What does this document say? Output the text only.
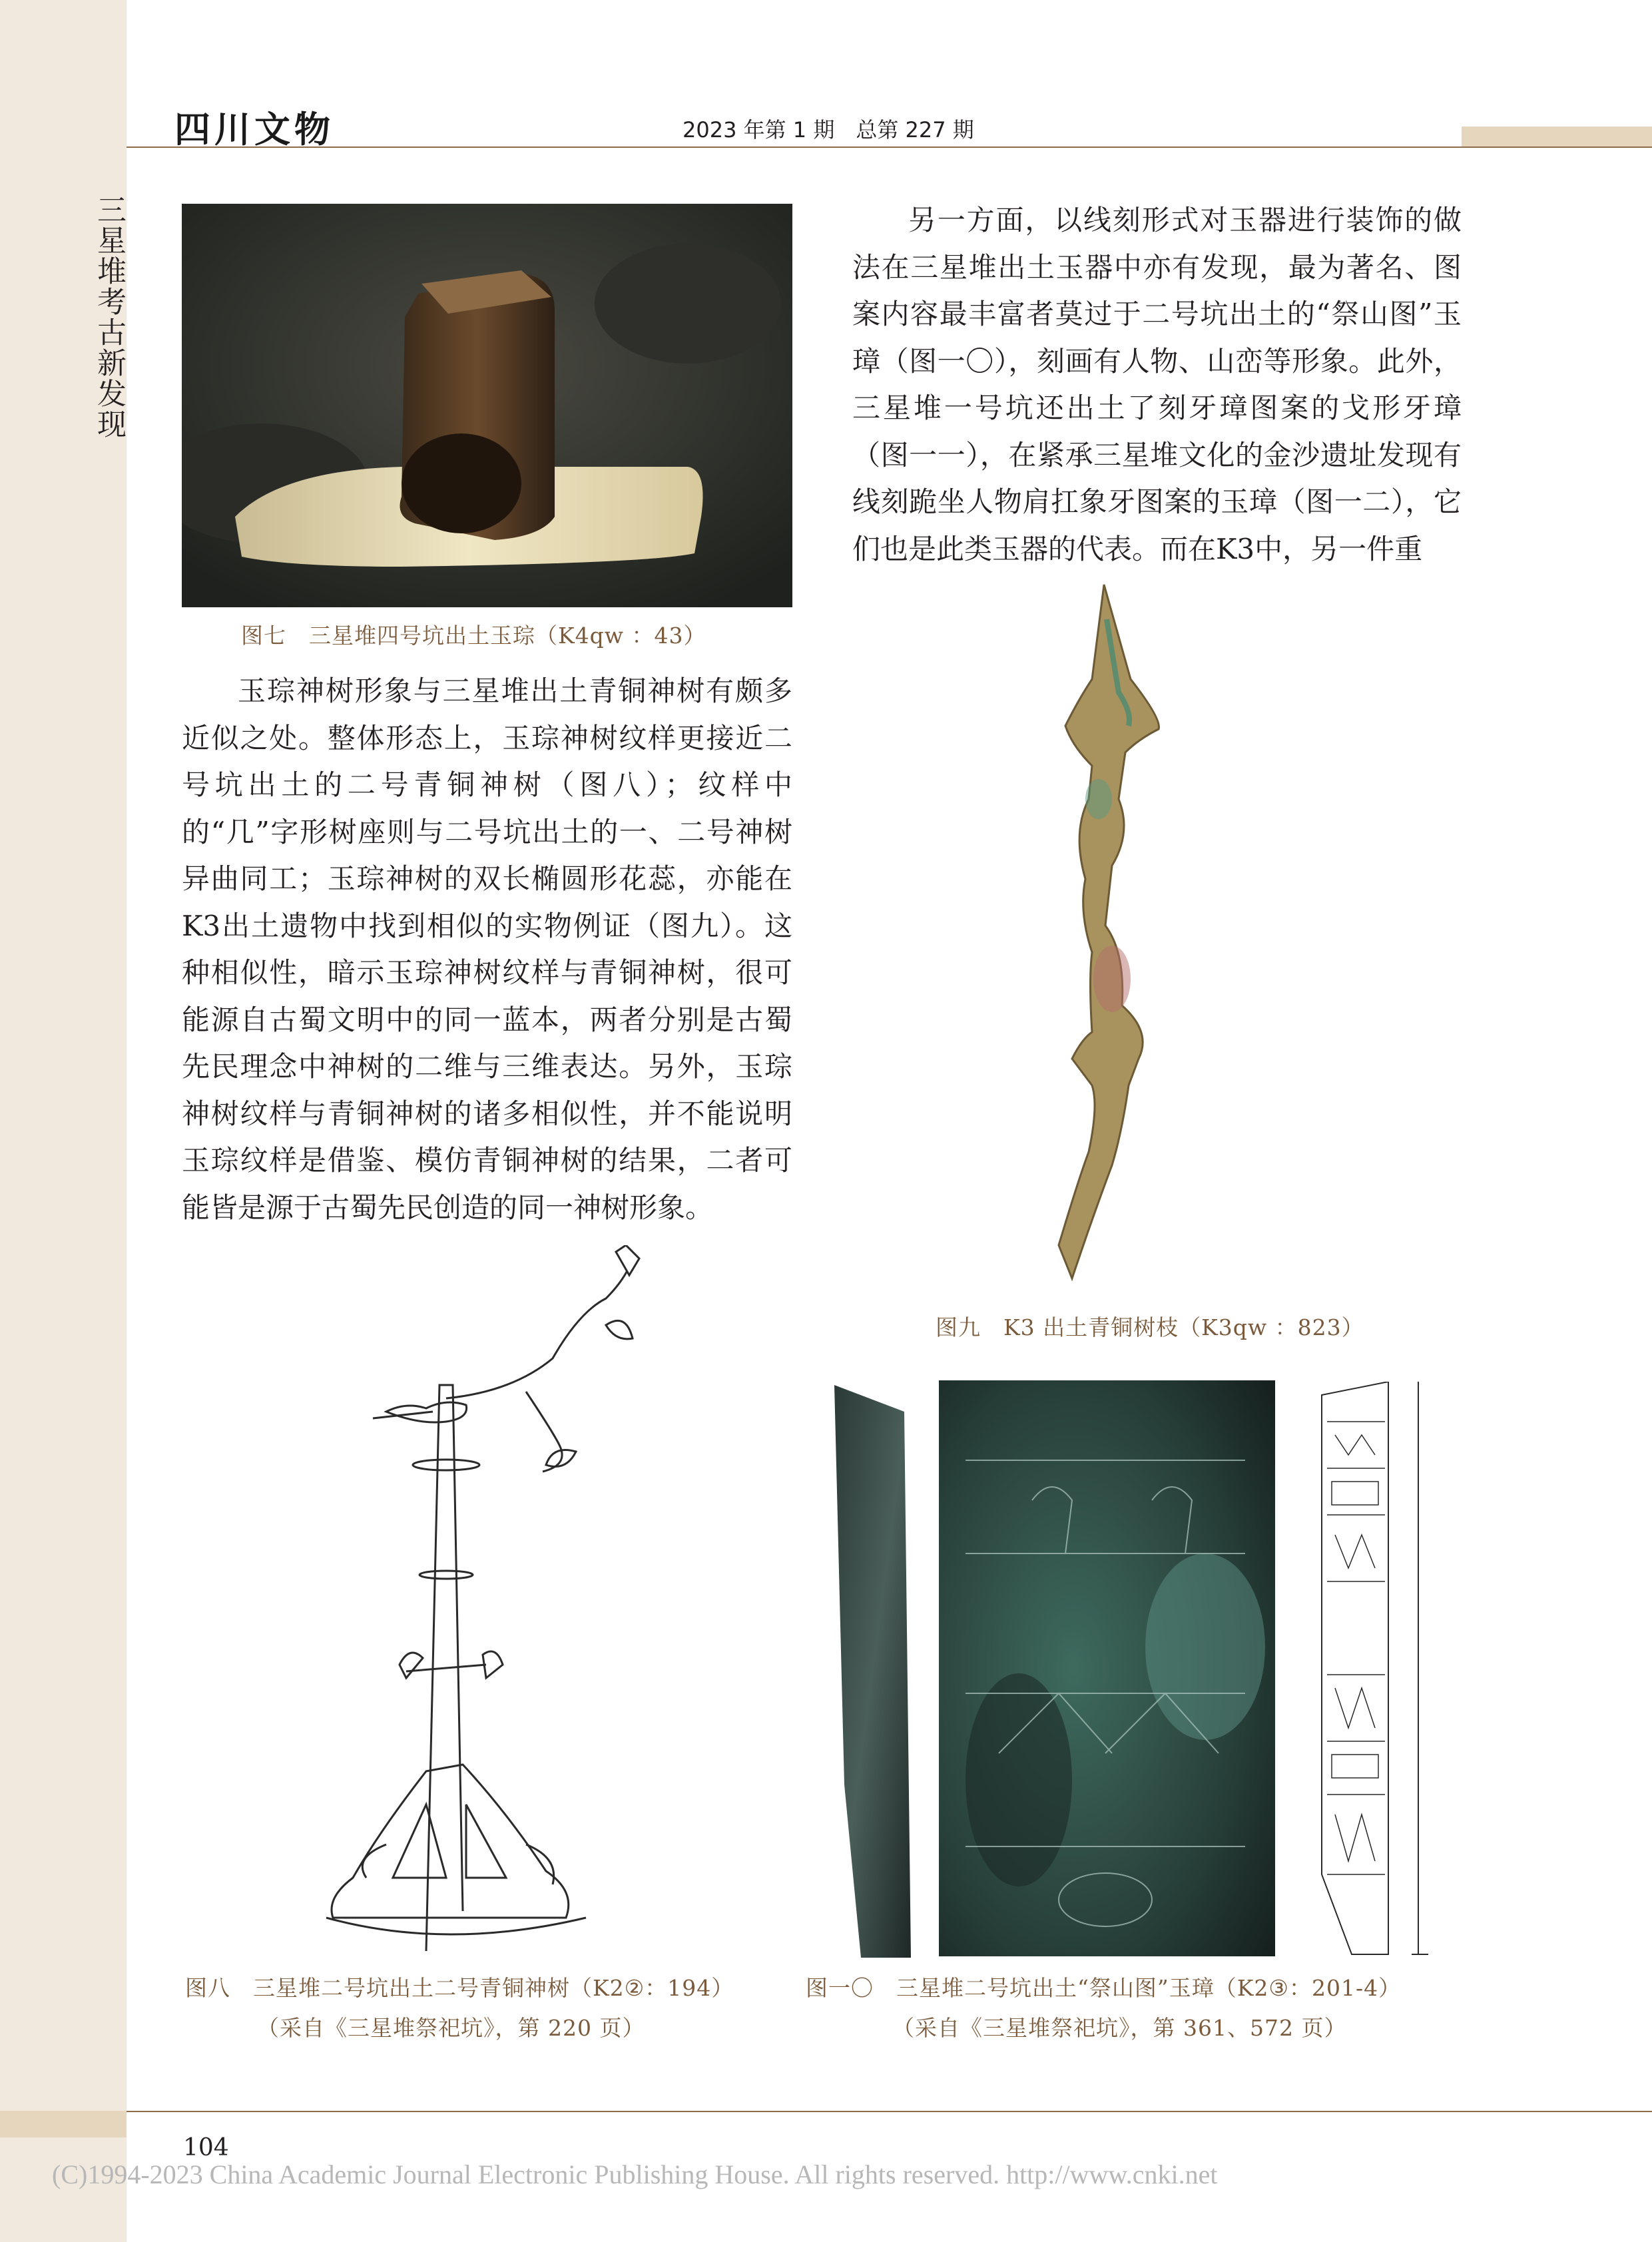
三星堆考古新发现
四川文物	2023 年第 1 期　总第 227 期
图七　三星堆四号坑出土玉琮（K4qw ：43）
玉琮神树形象与三星堆出土青铜神树有颇多近似之处。整体形态上，玉琮神树纹样更接近二号坑出土的二号青铜神树（图八）；纹样中的“几”字形树座则与二号坑出土的一、二号神树异曲同工；玉琮神树的双长椭圆形花蕊，亦能在K3出土遗物中找到相似的实物例证（图九）。这种相似性，暗示玉琮神树纹样与青铜神树，很可能源自古蜀文明中的同一蓝本，两者分别是古蜀先民理念中神树的二维与三维表达。另外，玉琮神树纹样与青铜神树的诸多相似性，并不能说明玉琮纹样是借鉴、模仿青铜神树的结果，二者可能皆是源于古蜀先民创造的同一神树形象。
另一方面，以线刻形式对玉器进行装饰的做法在三星堆出土玉器中亦有发现，最为著名、图案内容最丰富者莫过于二号坑出土的“祭山图”玉璋（图一〇），刻画有人物、山峦等形象。此外，三星堆一号坑还出土了刻牙璋图案的戈形牙璋（图一一），在紧承三星堆文化的金沙遗址发现有线刻跪坐人物肩扛象牙图案的玉璋（图一二），它们也是此类玉器的代表。而在K3中，另一件重
图九　K3 出土青铜树枝（K3qw ：823）
图八　三星堆二号坑出土二号青铜神树（K2②：194）
（采自《三星堆祭祀坑》，第 220 页）
图一〇　三星堆二号坑出土“祭山图”玉璋（K2③：201-4）
（采自《三星堆祭祀坑》，第 361、572 页）
104
(C)1994-2023 China Academic Journal Electronic Publishing House. All rights reserved. http://www.cnki.net
